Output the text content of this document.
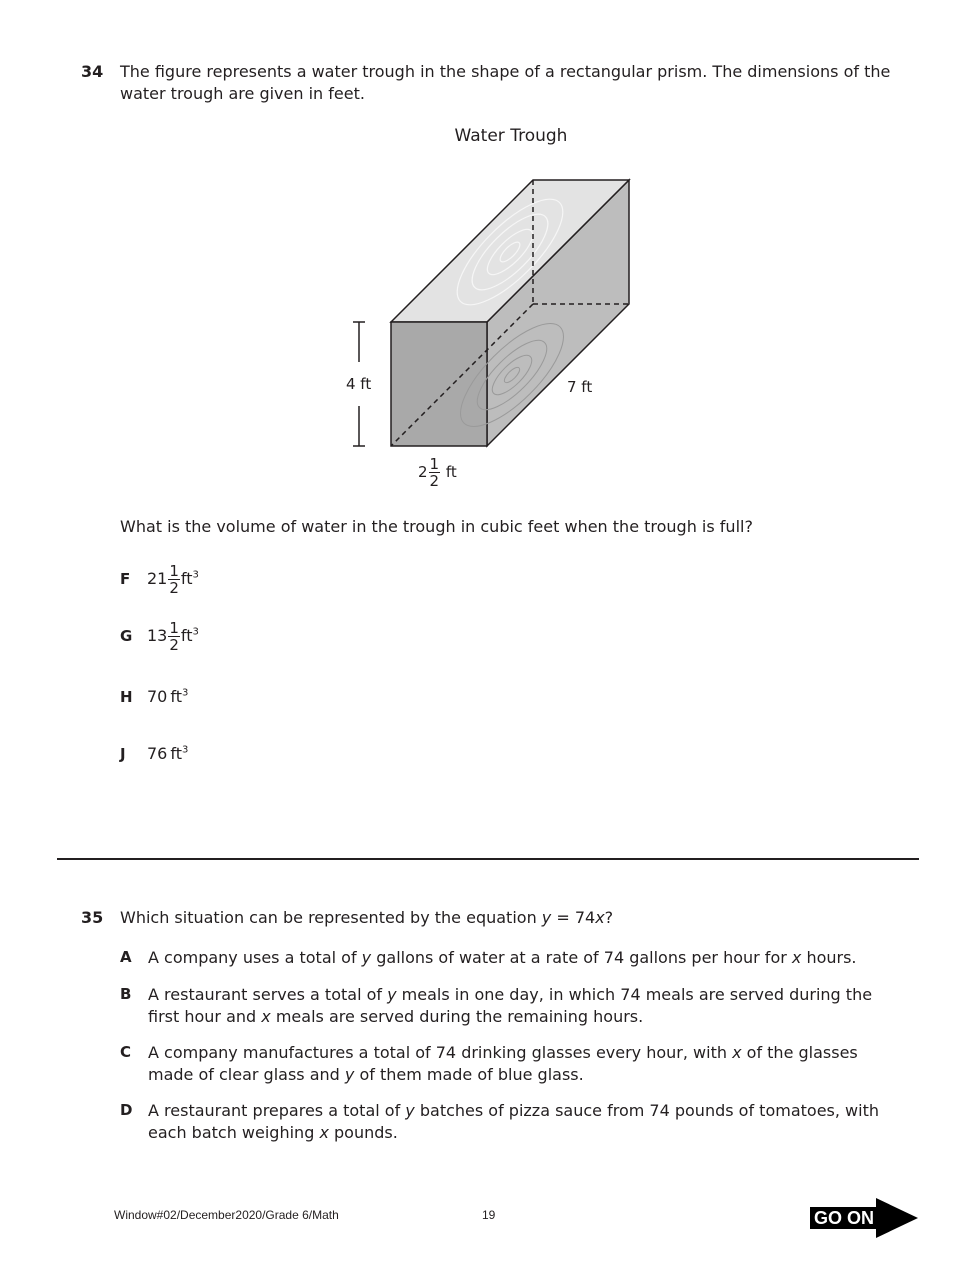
34 The figure represents a water trough in the shape of a rectangular prism. The dimensions of the water trough are given in feet.
Water Trough
4 ft	7 ft
$2 \frac{1}{2}$ ft
What is the volume of water in the trough in cubic feet when the trough is full?
F $21 \frac{1}{2} ft^3$
G $13 \frac{1}{2} ft^3$
H 70 $ft^3$
J 76 $ft^3$
35 Which situation can be represented by the equation y = 74x?
A A company uses a total of y gallons of water at a rate of 74 gallons per hour for x hours.
B A restaurant serves a total of y meals in one day, in which 74 meals are served during the first hour and x meals are served during the remaining hours.
C A company manufactures a total of 74 drinking glasses every hour, with x of the glasses made of clear glass and y of them made of blue glass.
D A restaurant prepares a total of y batches of pizza sauce from 74 pounds of tomatoes, with each batch weighing x pounds.
Window#02/December2020/Grade 6/Math	19	GO ON
